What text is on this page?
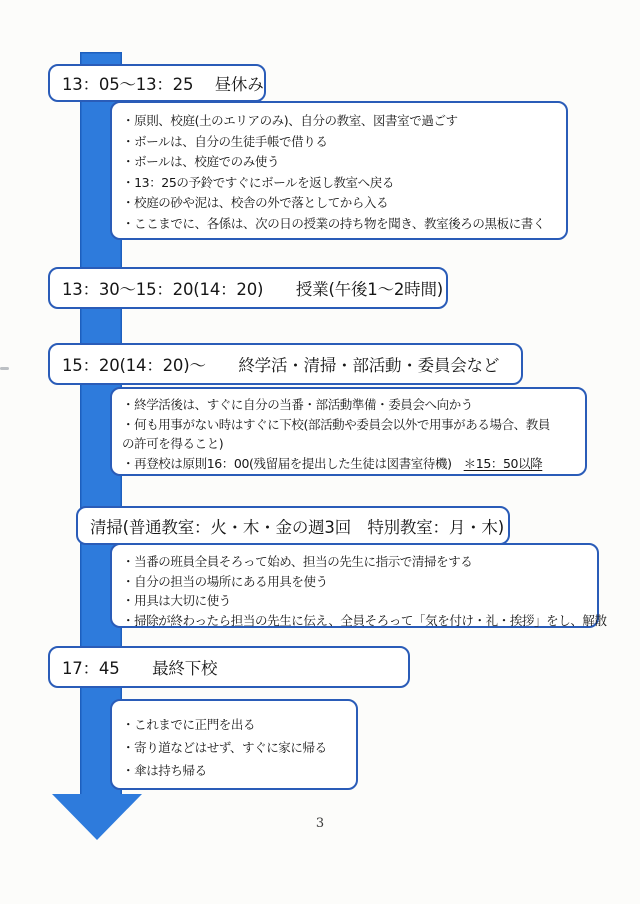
13：05～13：25　 昼休み
・原則、校庭(土のエリアのみ)、自分の教室、図書室で過ごす
・ボールは、自分の生徒手帳で借りる
・ボールは、校庭でのみ使う
・13：25の予鈴ですぐにボールを返し教室へ戻る
・校庭の砂や泥は、校舎の外で落としてから入る
・ここまでに、各係は、次の日の授業の持ち物を聞き、教室後ろの黒板に書く
13：30～15：20(14：20)　　授業(午後1～2時間)
15：20(14：20)～　　終学活・清掃・部活動・委員会など
・終学活後は、すぐに自分の当番・部活動準備・委員会へ向かう
・何も用事がない時はすぐに下校(部活動や委員会以外で用事がある場合、教員
の許可を得ること)
・再登校は原則16：00(残留届を提出した生徒は図書室待機)　＊15：50以降
清掃(普通教室：火・木・金の週3回　特別教室：月・木)
・当番の班員全員そろって始め、担当の先生に指示で清掃をする
・自分の担当の場所にある用具を使う
・用具は大切に使う
・掃除が終わったら担当の先生に伝え、全員そろって「気を付け・礼・挨拶」をし、解散
17：45　　最終下校
・これまでに正門を出る
・寄り道などはせず、すぐに家に帰る
・傘は持ち帰る
3
